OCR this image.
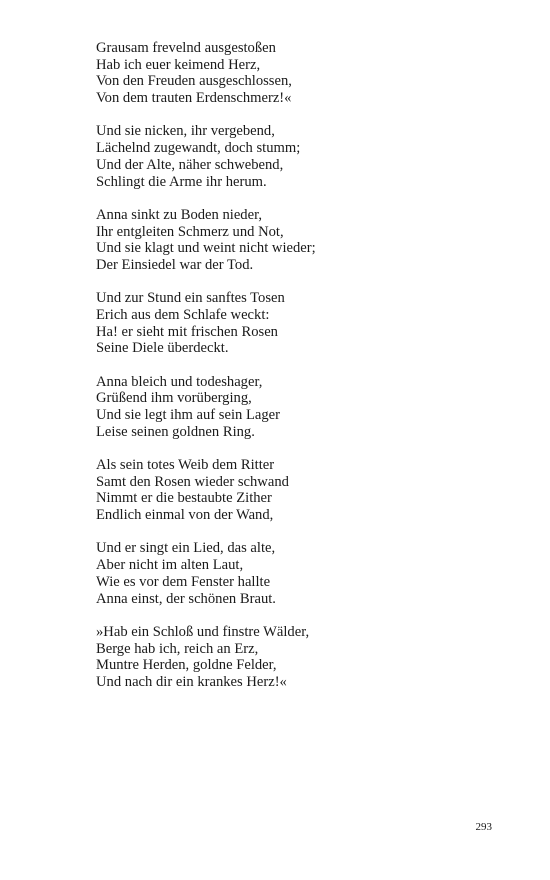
Grausam frevelnd ausgestoßen
Hab ich euer keimend Herz,
Von den Freuden ausgeschlossen,
Von dem trauten Erdenschmerz!«
Und sie nicken, ihr vergebend,
Lächelnd zugewandt, doch stumm;
Und der Alte, näher schwebend,
Schlingt die Arme ihr herum.
Anna sinkt zu Boden nieder,
Ihr entgleiten Schmerz und Not,
Und sie klagt und weint nicht wieder;
Der Einsiedel war der Tod.
Und zur Stund ein sanftes Tosen
Erich aus dem Schlafe weckt:
Ha! er sieht mit frischen Rosen
Seine Diele überdeckt.
Anna bleich und todeshager,
Grüßend ihm vorüberging,
Und sie legt ihm auf sein Lager
Leise seinen goldnen Ring.
Als sein totes Weib dem Ritter
Samt den Rosen wieder schwand
Nimmt er die bestaubte Zither
Endlich einmal von der Wand,
Und er singt ein Lied, das alte,
Aber nicht im alten Laut,
Wie es vor dem Fenster hallte
Anna einst, der schönen Braut.
»Hab ein Schloß und finstre Wälder,
Berge hab ich, reich an Erz,
Muntre Herden, goldne Felder,
Und nach dir ein krankes Herz!«
293
